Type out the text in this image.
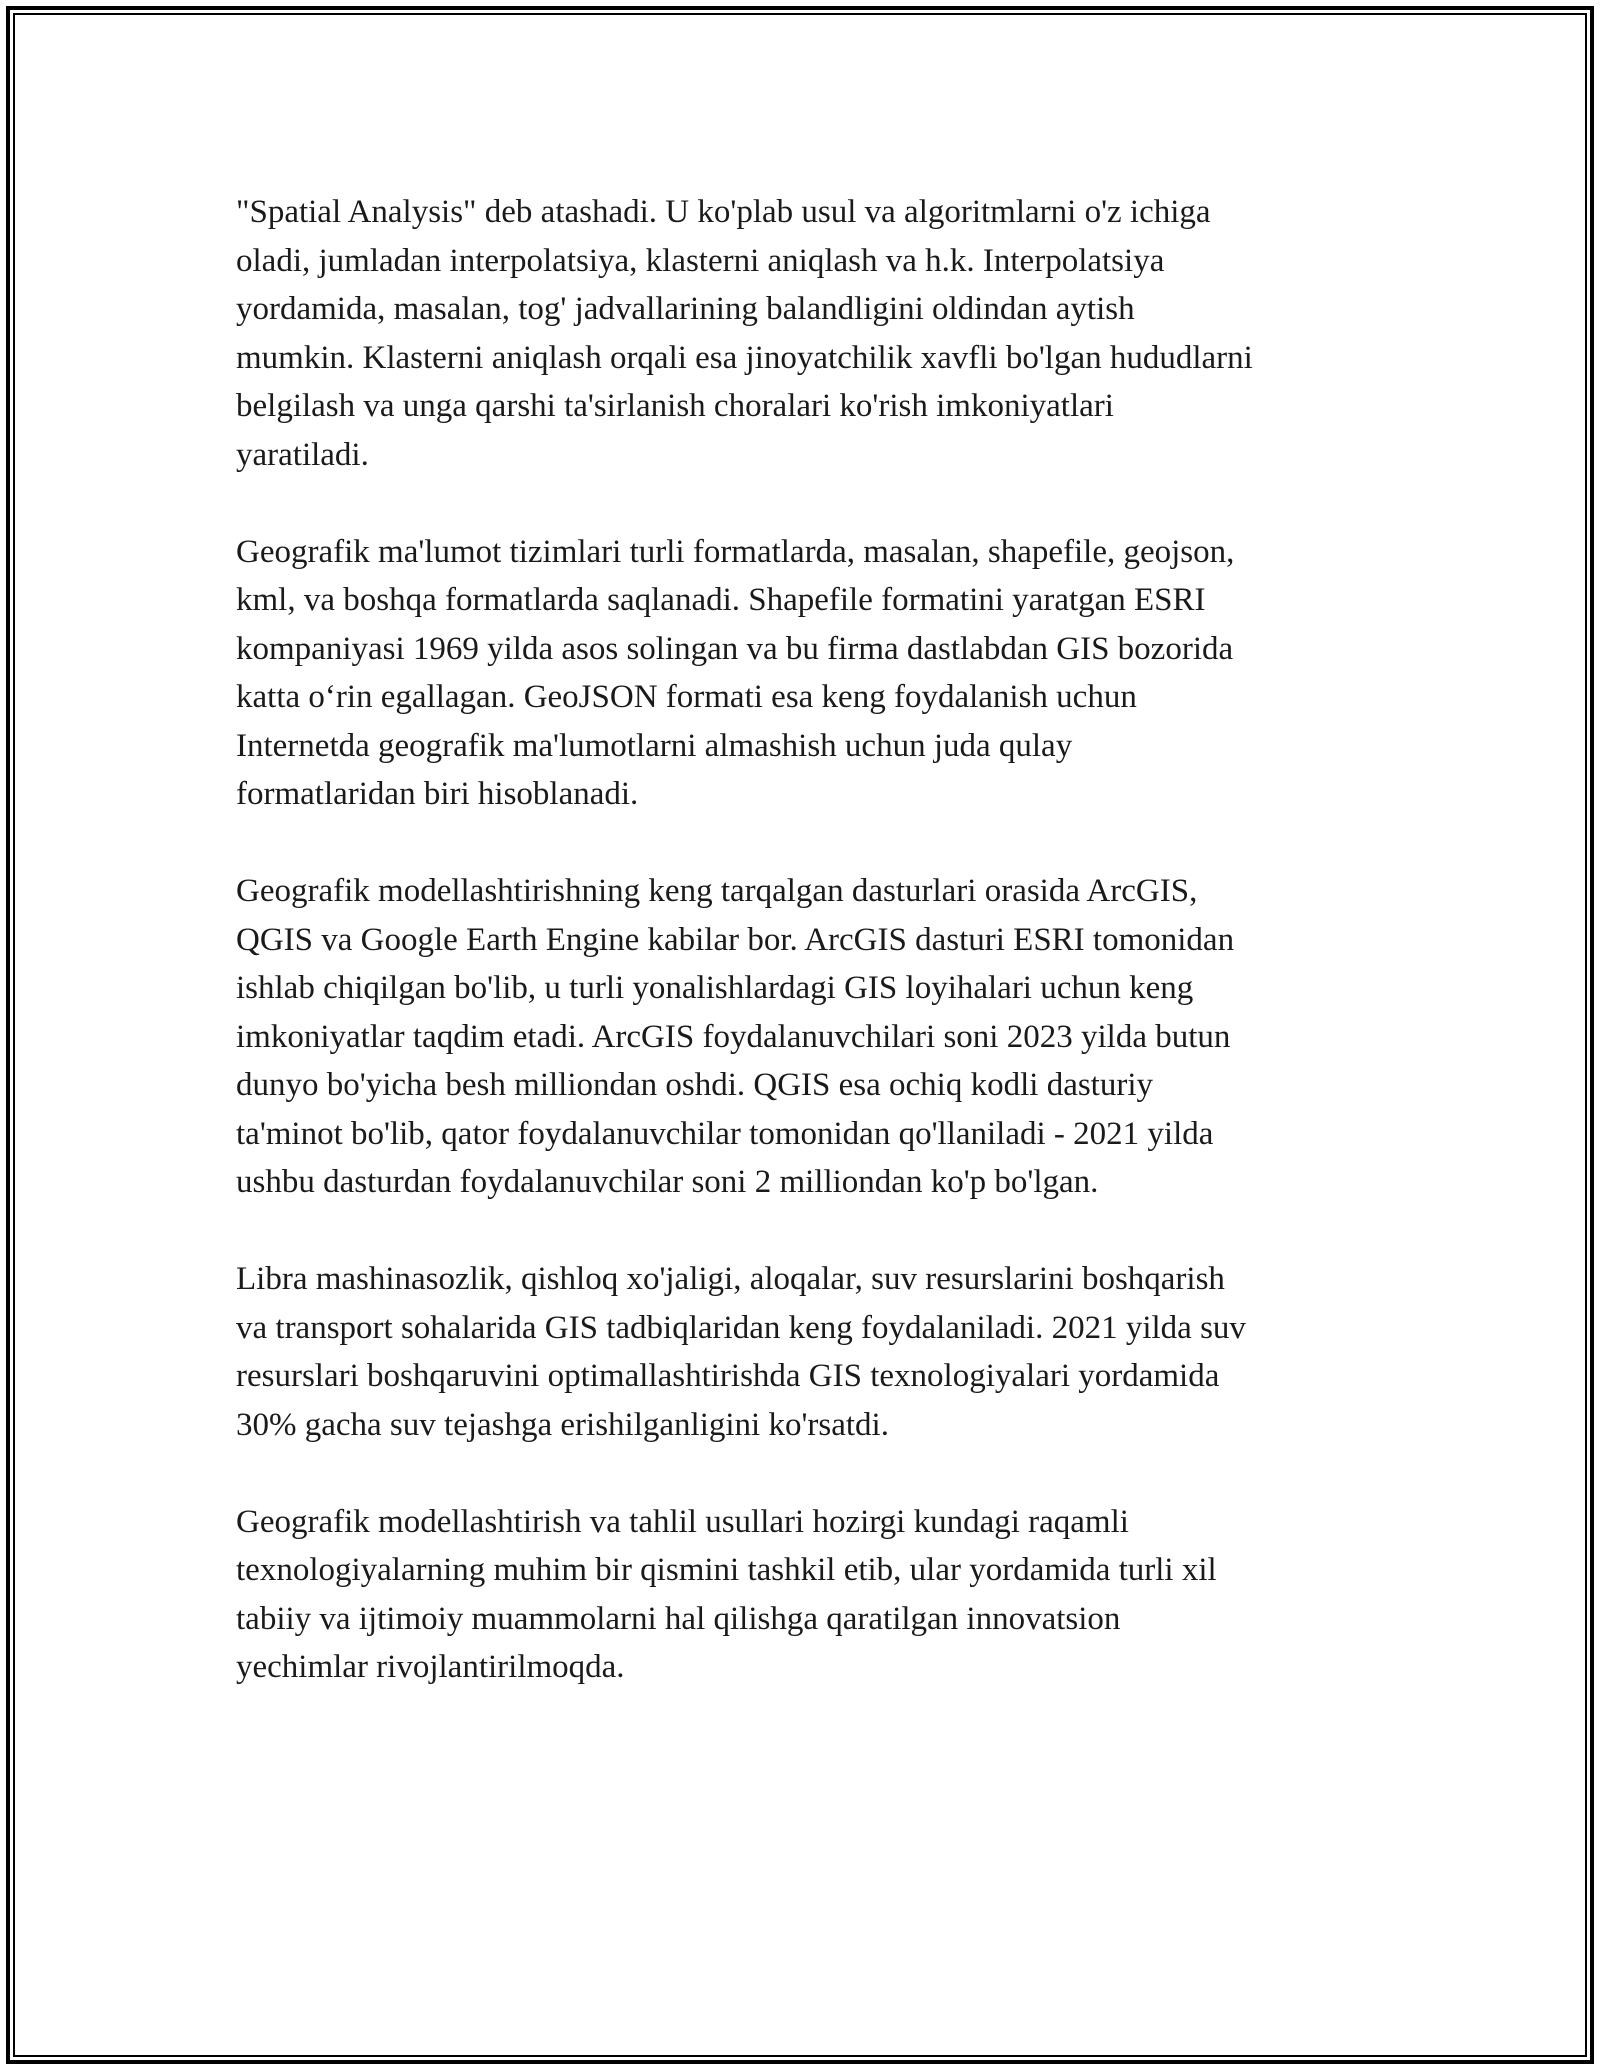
"Spatial Analysis" deb atashadi. U ko'plab usul va algoritmlarni o'z ichiga
oladi, jumladan interpolatsiya, klasterni aniqlash va h.k. Interpolatsiya
yordamida, masalan, tog' jadvallarining balandligini oldindan aytish
mumkin. Klasterni aniqlash orqali esa jinoyatchilik xavfli bo'lgan hududlarni
belgilash va unga qarshi ta'sirlanish choralari ko'rish imkoniyatlari
yaratiladi.

Geografik ma'lumot tizimlari turli formatlarda, masalan, shapefile, geojson,
kml, va boshqa formatlarda saqlanadi. Shapefile formatini yaratgan ESRI
kompaniyasi 1969 yilda asos solingan va bu firma dastlabdan GIS bozorida
katta o‘rin egallagan. GeoJSON formati esa keng foydalanish uchun
Internetda geografik ma'lumotlarni almashish uchun juda qulay
formatlaridan biri hisoblanadi.

Geografik modellashtirishning keng tarqalgan dasturlari orasida ArcGIS,
QGIS va Google Earth Engine kabilar bor. ArcGIS dasturi ESRI tomonidan
ishlab chiqilgan bo'lib, u turli yonalishlardagi GIS loyihalari uchun keng
imkoniyatlar taqdim etadi. ArcGIS foydalanuvchilari soni 2023 yilda butun
dunyo bo'yicha besh milliondan oshdi. QGIS esa ochiq kodli dasturiy
ta'minot bo'lib, qator foydalanuvchilar tomonidan qo'llaniladi - 2021 yilda
ushbu dasturdan foydalanuvchilar soni 2 milliondan ko'p bo'lgan.

Libra mashinasozlik, qishloq xo'jaligi, aloqalar, suv resurslarini boshqarish
va transport sohalarida GIS tadbiqlaridan keng foydalaniladi. 2021 yilda suv
resurslari boshqaruvini optimallashtirishda GIS texnologiyalari yordamida
30% gacha suv tejashga erishilganligini ko'rsatdi.

Geografik modellashtirish va tahlil usullari hozirgi kundagi raqamli
texnologiyalarning muhim bir qismini tashkil etib, ular yordamida turli xil
tabiiy va ijtimoiy muammolarni hal qilishga qaratilgan innovatsion
yechimlar rivojlantirilmoqda.
